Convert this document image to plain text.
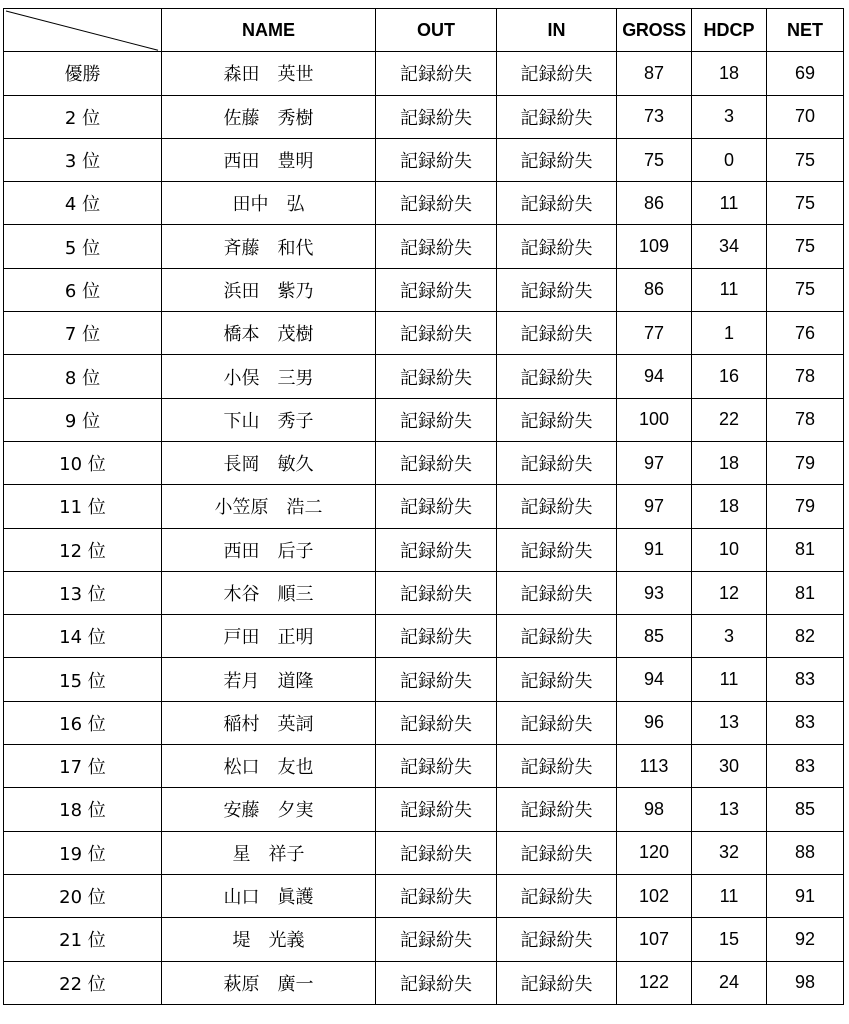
	NAME	OUT	IN	GROSS	HDCP	NET
優勝	森田　英世	記録紛失	記録紛失	87	18	69
2 位	佐藤　秀樹	記録紛失	記録紛失	73	3	70
3 位	西田　豊明	記録紛失	記録紛失	75	0	75
4 位	田中　弘	記録紛失	記録紛失	86	11	75
5 位	斉藤　和代	記録紛失	記録紛失	109	34	75
6 位	浜田　紫乃	記録紛失	記録紛失	86	11	75
7 位	橋本　茂樹	記録紛失	記録紛失	77	1	76
8 位	小俣　三男	記録紛失	記録紛失	94	16	78
9 位	下山　秀子	記録紛失	記録紛失	100	22	78
10 位	長岡　敏久	記録紛失	記録紛失	97	18	79
11 位	小笠原　浩二	記録紛失	記録紛失	97	18	79
12 位	西田　后子	記録紛失	記録紛失	91	10	81
13 位	木谷　順三	記録紛失	記録紛失	93	12	81
14 位	戸田　正明	記録紛失	記録紛失	85	3	82
15 位	若月　道隆	記録紛失	記録紛失	94	11	83
16 位	稲村　英詞	記録紛失	記録紛失	96	13	83
17 位	松口　友也	記録紛失	記録紛失	113	30	83
18 位	安藤　夕実	記録紛失	記録紛失	98	13	85
19 位	星　祥子	記録紛失	記録紛失	120	32	88
20 位	山口　眞護	記録紛失	記録紛失	102	11	91
21 位	堤　光義	記録紛失	記録紛失	107	15	92
22 位	萩原　廣一	記録紛失	記録紛失	122	24	98
